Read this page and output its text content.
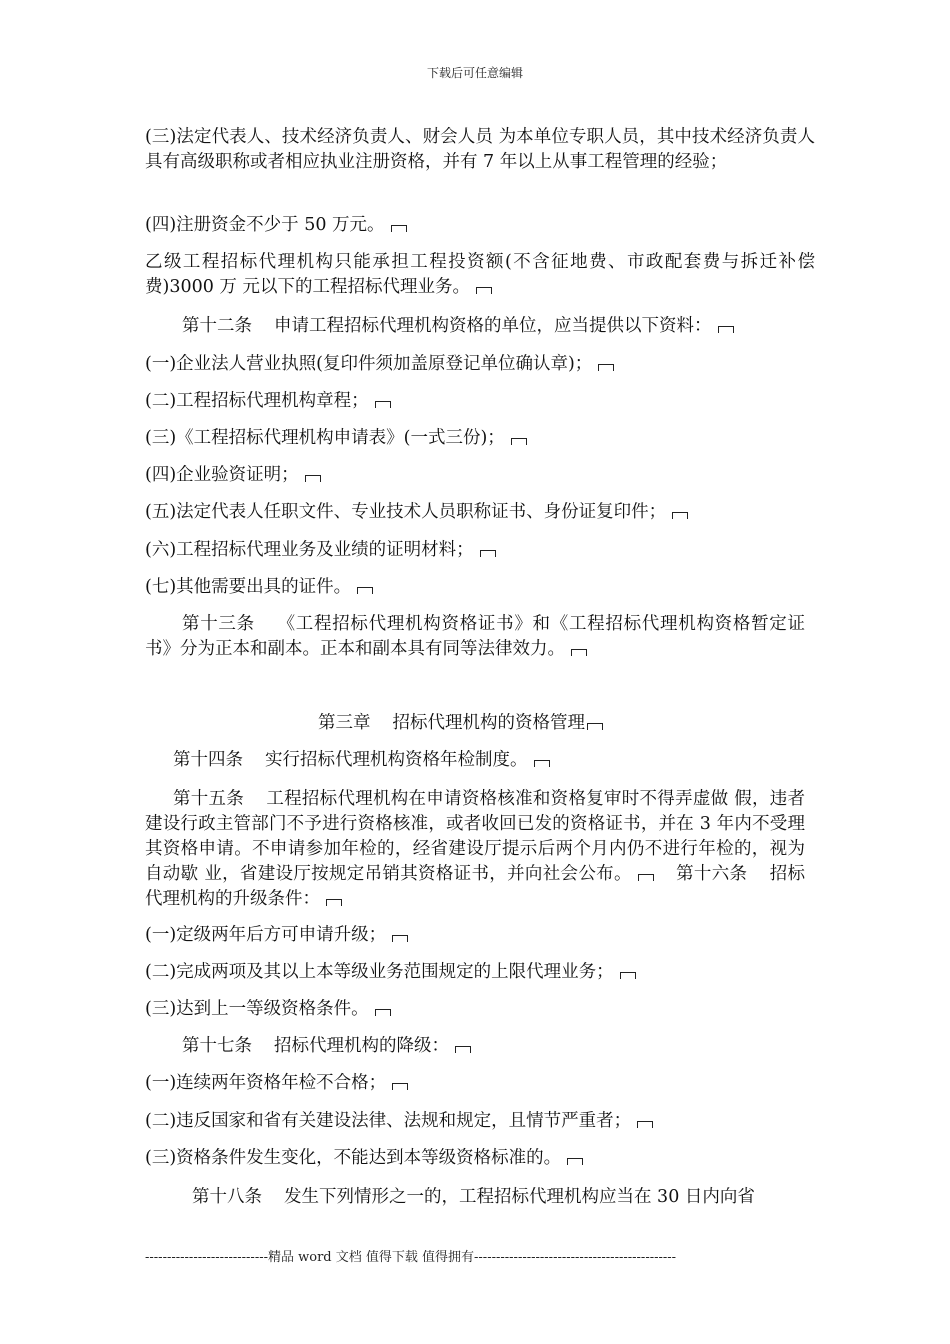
下载后可任意编辑
(三)法定代表人、技术经济负责人、财会人员 为本单位专职人员，其中技术经济负责人具有高级职称或者相应执业注册资格，并有 7 年以上从事工程管理的经验；
(四)注册资金不少于 50 万元。
乙级工程招标代理机构只能承担工程投资额(不含征地费、市政配套费与拆迁补偿费)3000 万 元以下的工程招标代理业务。
第十二条 申请工程招标代理机构资格的单位，应当提供以下资料：
(一)企业法人营业执照(复印件须加盖原登记单位确认章)；
(二)工程招标代理机构章程；
(三)《工程招标代理机构申请表》(一式三份)；
(四)企业验资证明；
(五)法定代表人任职文件、专业技术人员职称证书、身份证复印件；
(六)工程招标代理业务及业绩的证明材料；
(七)其他需要出具的证件。
第十三条 《工程招标代理机构资格证书》和《工程招标代理机构资格暂定证书》分为正本和副本。正本和副本具有同等法律效力。
第三章 招标代理机构的资格管理
第十四条 实行招标代理机构资格年检制度。
第十五条 工程招标代理机构在申请资格核准和资格复审时不得弄虚做 假，违者建设行政主管部门不予进行资格核准，或者收回已发的资格证书，并在 3 年内不受理 其资格申请。不申请参加年检的，经省建设厅提示后两个月内仍不进行年检的，视为自动歇 业，省建设厅按规定吊销其资格证书，并向社会公布。	第十六条 招标代理机构的升级条件：
(一)定级两年后方可申请升级；
(二)完成两项及其以上本等级业务范围规定的上限代理业务；
(三)达到上一等级资格条件。
第十七条 招标代理机构的降级：
(一)连续两年资格年检不合格；
(二)违反国家和省有关建设法律、法规和规定，且情节严重者；
(三)资格条件发生变化，不能达到本等级资格标准的。
第十八条 发生下列情形之一的，工程招标代理机构应当在 30 日内向省
----------------------------精品 word 文档 值得下载 值得拥有----------------------------------------------
